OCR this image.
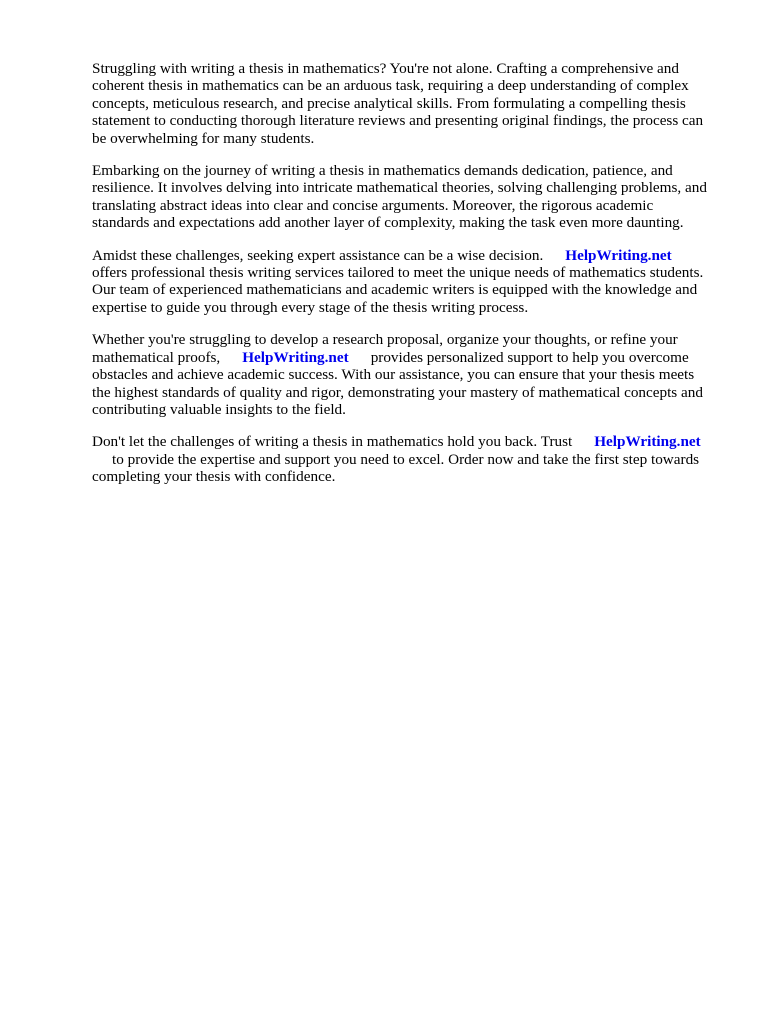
Struggling with writing a thesis in mathematics? You're not alone. Crafting a comprehensive and
coherent thesis in mathematics can be an arduous task, requiring a deep understanding of complex
concepts, meticulous research, and precise analytical skills. From formulating a compelling thesis
statement to conducting thorough literature reviews and presenting original findings, the process can
be overwhelming for many students.

Embarking on the journey of writing a thesis in mathematics demands dedication, patience, and
resilience. It involves delving into intricate mathematical theories, solving challenging problems, and
translating abstract ideas into clear and concise arguments. Moreover, the rigorous academic
standards and expectations add another layer of complexity, making the task even more daunting.

Amidst these challenges, seeking expert assistance can be a wise decision. HelpWriting.net
offers professional thesis writing services tailored to meet the unique needs of mathematics students.
Our team of experienced mathematicians and academic writers is equipped with the knowledge and
expertise to guide you through every stage of the thesis writing process.

Whether you're struggling to develop a research proposal, organize your thoughts, or refine your
mathematical proofs, HelpWriting.net provides personalized support to help you overcome
obstacles and achieve academic success. With our assistance, you can ensure that your thesis meets
the highest standards of quality and rigor, demonstrating your mastery of mathematical concepts and
contributing valuable insights to the field.

Don't let the challenges of writing a thesis in mathematics hold you back. Trust HelpWriting.net
to provide the expertise and support you need to excel. Order now and take the first step towards
completing your thesis with confidence.
